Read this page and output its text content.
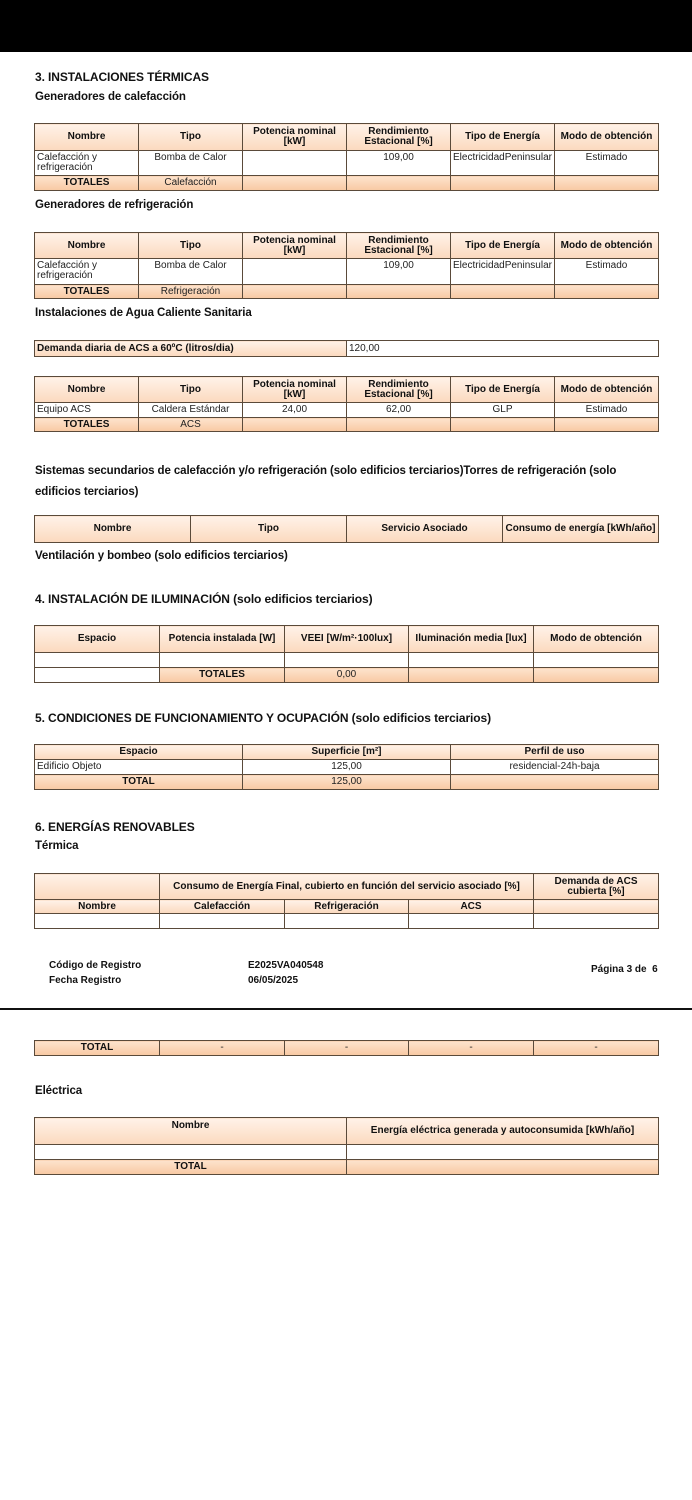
3. INSTALACIONES TÉRMICAS
Generadores de calefacción
Nombre	Tipo	Potencia nominal [kW]	Rendimiento Estacional [%]	Tipo de Energía	Modo de obtención
Calefacción y refrigeración	Bomba de Calor		109,00	ElectricidadPeninsular	Estimado
TOTALES	Calefacción				
Generadores de refrigeración
Nombre	Tipo	Potencia nominal [kW]	Rendimiento Estacional [%]	Tipo de Energía	Modo de obtención
Calefacción y refrigeración	Bomba de Calor		109,00	ElectricidadPeninsular	Estimado
TOTALES	Refrigeración				
Instalaciones de Agua Caliente Sanitaria
Demanda diaria de ACS a 60ºC (litros/dia)	120,00
Nombre	Tipo	Potencia nominal [kW]	Rendimiento Estacional [%]	Tipo de Energía	Modo de obtención
Equipo ACS	Caldera Estándar	24,00	62,00	GLP	Estimado
TOTALES	ACS				
Sistemas secundarios de calefacción y/o refrigeración (solo edificios terciarios)Torres de refrigeración (solo edificios terciarios)
Nombre	Tipo	Servicio Asociado	Consumo de energía [kWh/año]
Ventilación y bombeo (solo edificios terciarios)
4. INSTALACIÓN DE ILUMINACIÓN (solo edificios terciarios)
Espacio	Potencia instalada [W]	VEEI [W/m²·100lux]	Iluminación media [lux]	Modo de obtención

	TOTALES	0,00		
5. CONDICIONES DE FUNCIONAMIENTO Y OCUPACIÓN (solo edificios terciarios)
Espacio	Superficie [m²]	Perfil de uso
Edificio Objeto	125,00	residencial-24h-baja
TOTAL	125,00	
6. ENERGÍAS RENOVABLES
Térmica
	Consumo de Energía Final, cubierto en función del servicio asociado [%]			Demanda de ACS cubierta [%]
Nombre	Calefacción	Refrigeración	ACS	

Código de Registro	E2025VA040548
Fecha Registro	06/05/2025
Página 3 de  6
TOTAL	-	-	-	-
Eléctrica
Nombre	Energía eléctrica generada y autoconsumida [kWh/año]

TOTAL	
